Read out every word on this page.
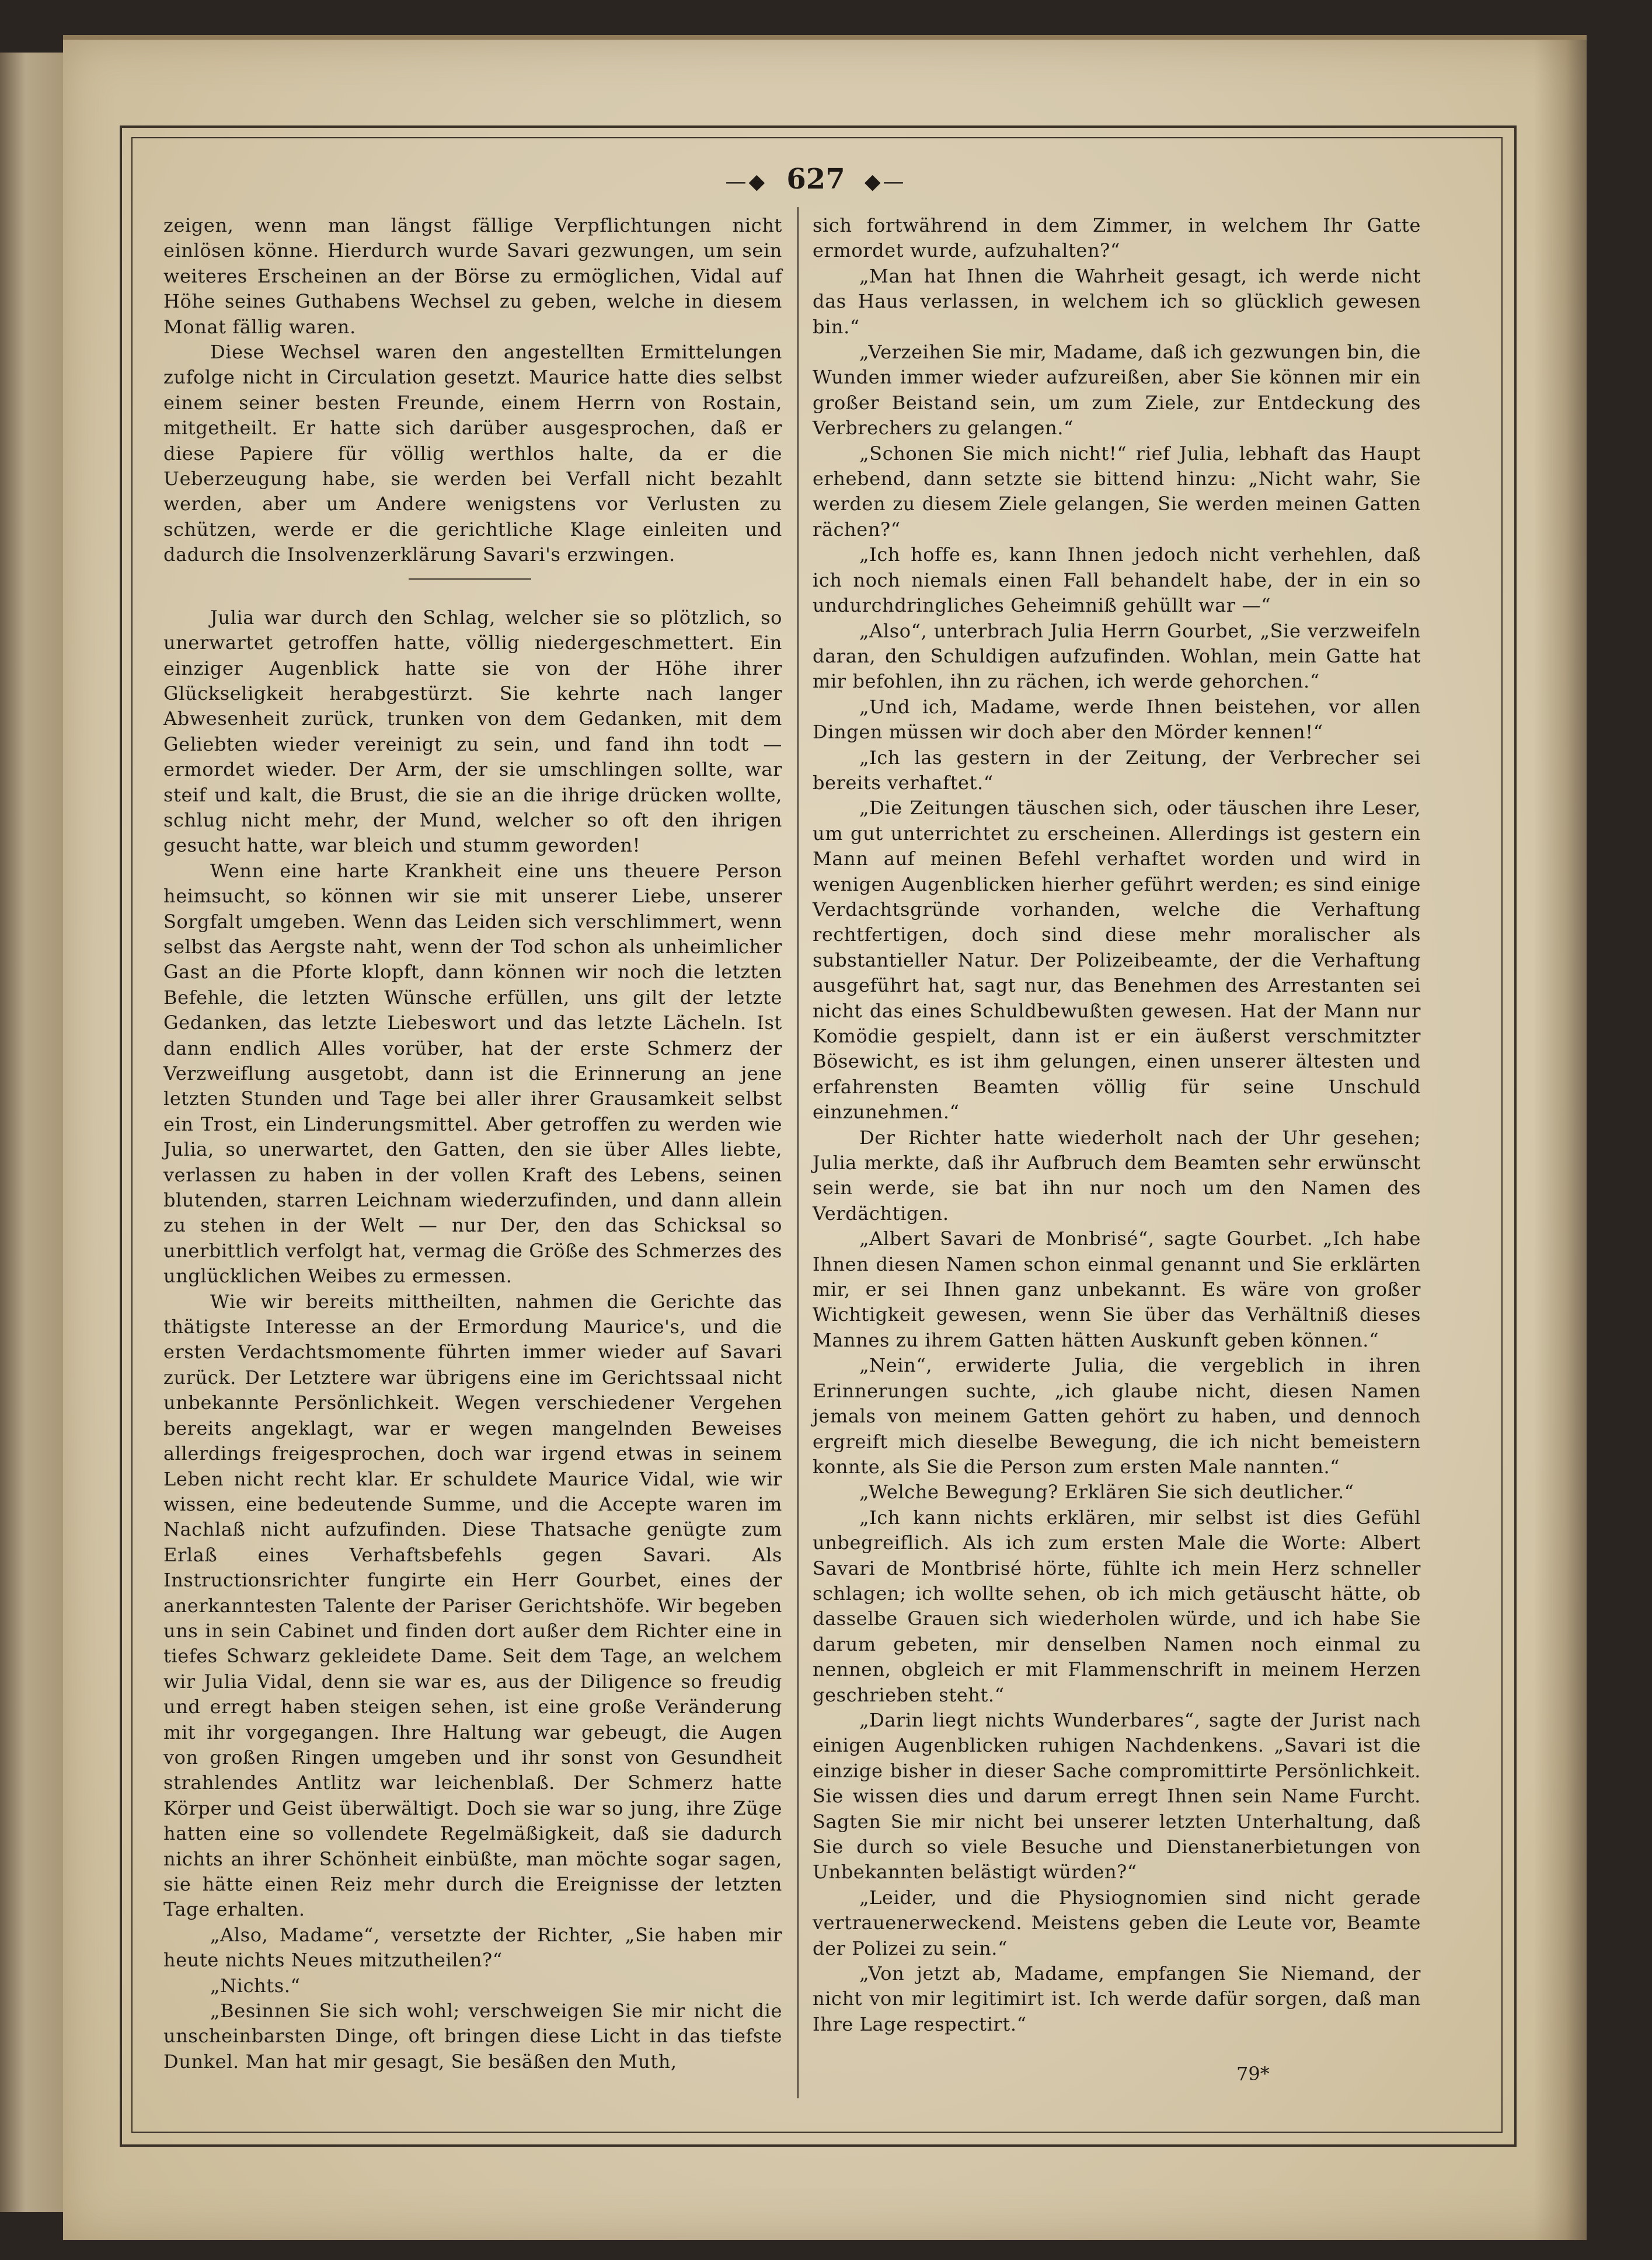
—◆ 627 ◆—

zeigen, wenn man längst fällige Verpflichtungen nicht einlösen könne. Hierdurch wurde Savari gezwungen, um sein weiteres Erscheinen an der Börse zu ermöglichen, Vidal auf Höhe seines Guthabens Wechsel zu geben, welche in diesem Monat fällig waren.

Diese Wechsel waren den angestellten Ermittelungen zufolge nicht in Circulation gesetzt. Maurice hatte dies selbst einem seiner besten Freunde, einem Herrn von Rostain, mitgetheilt. Er hatte sich darüber ausgesprochen, daß er diese Papiere für völlig werthlos halte, da er die Ueberzeugung habe, sie werden bei Verfall nicht bezahlt werden, aber um Andere wenigstens vor Verlusten zu schützen, werde er die gerichtliche Klage einleiten und dadurch die Insolvenzerklärung Savari's erzwingen.

Julia war durch den Schlag, welcher sie so plötzlich, so unerwartet getroffen hatte, völlig niedergeschmettert. Ein einziger Augenblick hatte sie von der Höhe ihrer Glückseligkeit herabgestürzt. Sie kehrte nach langer Abwesenheit zurück, trunken von dem Gedanken, mit dem Geliebten wieder vereinigt zu sein, und fand ihn todt — ermordet wieder. Der Arm, der sie umschlingen sollte, war steif und kalt, die Brust, die sie an die ihrige drücken wollte, schlug nicht mehr, der Mund, welcher so oft den ihrigen gesucht hatte, war bleich und stumm geworden!

Wenn eine harte Krankheit eine uns theuere Person heimsucht, so können wir sie mit unserer Liebe, unserer Sorgfalt umgeben. Wenn das Leiden sich verschlimmert, wenn selbst das Aergste naht, wenn der Tod schon als unheimlicher Gast an die Pforte klopft, dann können wir noch die letzten Befehle, die letzten Wünsche erfüllen, uns gilt der letzte Gedanken, das letzte Liebeswort und das letzte Lächeln. Ist dann endlich Alles vorüber, hat der erste Schmerz der Verzweiflung ausgetobt, dann ist die Erinnerung an jene letzten Stunden und Tage bei aller ihrer Grausamkeit selbst ein Trost, ein Linderungsmittel. Aber getroffen zu werden wie Julia, so unerwartet, den Gatten, den sie über Alles liebte, verlassen zu haben in der vollen Kraft des Lebens, seinen blutenden, starren Leichnam wiederzufinden, und dann allein zu stehen in der Welt — nur Der, den das Schicksal so unerbittlich verfolgt hat, vermag die Größe des Schmerzes des unglücklichen Weibes zu ermessen.

Wie wir bereits mittheilten, nahmen die Gerichte das thätigste Interesse an der Ermordung Maurice's, und die ersten Verdachtsmomente führten immer wieder auf Savari zurück. Der Letztere war übrigens eine im Gerichtssaal nicht unbekannte Persönlichkeit. Wegen verschiedener Vergehen bereits angeklagt, war er wegen mangelnden Beweises allerdings freigesprochen, doch war irgend etwas in seinem Leben nicht recht klar. Er schuldete Maurice Vidal, wie wir wissen, eine bedeutende Summe, und die Accepte waren im Nachlaß nicht aufzufinden. Diese Thatsache genügte zum Erlaß eines Verhaftsbefehls gegen Savari. Als Instructionsrichter fungirte ein Herr Gourbet, eines der anerkanntesten Talente der Pariser Gerichtshöfe. Wir begeben uns in sein Cabinet und finden dort außer dem Richter eine in tiefes Schwarz gekleidete Dame. Seit dem Tage, an welchem wir Julia Vidal, denn sie war es, aus der Diligence so freudig und erregt haben steigen sehen, ist eine große Veränderung mit ihr vorgegangen. Ihre Haltung war gebeugt, die Augen von großen Ringen umgeben und ihr sonst von Gesundheit strahlendes Antlitz war leichenblaß. Der Schmerz hatte Körper und Geist überwältigt. Doch sie war so jung, ihre Züge hatten eine so vollendete Regelmäßigkeit, daß sie dadurch nichts an ihrer Schönheit einbüßte, man möchte sogar sagen, sie hätte einen Reiz mehr durch die Ereignisse der letzten Tage erhalten.

„Also, Madame“, versetzte der Richter, „Sie haben mir heute nichts Neues mitzutheilen?“

„Nichts.“

„Besinnen Sie sich wohl; verschweigen Sie mir nicht die unscheinbarsten Dinge, oft bringen diese Licht in das tiefste Dunkel. Man hat mir gesagt, Sie besäßen den Muth,

sich fortwährend in dem Zimmer, in welchem Ihr Gatte ermordet wurde, aufzuhalten?“

„Man hat Ihnen die Wahrheit gesagt, ich werde nicht das Haus verlassen, in welchem ich so glücklich gewesen bin.“

„Verzeihen Sie mir, Madame, daß ich gezwungen bin, die Wunden immer wieder aufzureißen, aber Sie können mir ein großer Beistand sein, um zum Ziele, zur Entdeckung des Verbrechers zu gelangen.“

„Schonen Sie mich nicht!“ rief Julia, lebhaft das Haupt erhebend, dann setzte sie bittend hinzu: „Nicht wahr, Sie werden zu diesem Ziele gelangen, Sie werden meinen Gatten rächen?“

„Ich hoffe es, kann Ihnen jedoch nicht verhehlen, daß ich noch niemals einen Fall behandelt habe, der in ein so undurchdringliches Geheimniß gehüllt war —“

„Also“, unterbrach Julia Herrn Gourbet, „Sie verzweifeln daran, den Schuldigen aufzufinden. Wohlan, mein Gatte hat mir befohlen, ihn zu rächen, ich werde gehorchen.“

„Und ich, Madame, werde Ihnen beistehen, vor allen Dingen müssen wir doch aber den Mörder kennen!“

„Ich las gestern in der Zeitung, der Verbrecher sei bereits verhaftet.“

„Die Zeitungen täuschen sich, oder täuschen ihre Leser, um gut unterrichtet zu erscheinen. Allerdings ist gestern ein Mann auf meinen Befehl verhaftet worden und wird in wenigen Augenblicken hierher geführt werden; es sind einige Verdachtsgründe vorhanden, welche die Verhaftung rechtfertigen, doch sind diese mehr moralischer als substantieller Natur. Der Polizeibeamte, der die Verhaftung ausgeführt hat, sagt nur, das Benehmen des Arrestanten sei nicht das eines Schuldbewußten gewesen. Hat der Mann nur Komödie gespielt, dann ist er ein äußerst verschmitzter Bösewicht, es ist ihm gelungen, einen unserer ältesten und erfahrensten Beamten völlig für seine Unschuld einzunehmen.“

Der Richter hatte wiederholt nach der Uhr gesehen; Julia merkte, daß ihr Aufbruch dem Beamten sehr erwünscht sein werde, sie bat ihn nur noch um den Namen des Verdächtigen.

„Albert Savari de Monbrisé“, sagte Gourbet. „Ich habe Ihnen diesen Namen schon einmal genannt und Sie erklärten mir, er sei Ihnen ganz unbekannt. Es wäre von großer Wichtigkeit gewesen, wenn Sie über das Verhältniß dieses Mannes zu ihrem Gatten hätten Auskunft geben können.“

„Nein“, erwiderte Julia, die vergeblich in ihren Erinnerungen suchte, „ich glaube nicht, diesen Namen jemals von meinem Gatten gehört zu haben, und dennoch ergreift mich dieselbe Bewegung, die ich nicht bemeistern konnte, als Sie die Person zum ersten Male nannten.“

„Welche Bewegung? Erklären Sie sich deutlicher.“

„Ich kann nichts erklären, mir selbst ist dies Gefühl unbegreiflich. Als ich zum ersten Male die Worte: Albert Savari de Montbrisé hörte, fühlte ich mein Herz schneller schlagen; ich wollte sehen, ob ich mich getäuscht hätte, ob dasselbe Grauen sich wiederholen würde, und ich habe Sie darum gebeten, mir denselben Namen noch einmal zu nennen, obgleich er mit Flammenschrift in meinem Herzen geschrieben steht.“

„Darin liegt nichts Wunderbares“, sagte der Jurist nach einigen Augenblicken ruhigen Nachdenkens. „Savari ist die einzige bisher in dieser Sache compromittirte Persönlichkeit. Sie wissen dies und darum erregt Ihnen sein Name Furcht. Sagten Sie mir nicht bei unserer letzten Unterhaltung, daß Sie durch so viele Besuche und Dienstanerbietungen von Unbekannten belästigt würden?“

„Leider, und die Physiognomien sind nicht gerade vertrauenerweckend. Meistens geben die Leute vor, Beamte der Polizei zu sein.“

„Von jetzt ab, Madame, empfangen Sie Niemand, der nicht von mir legitimirt ist. Ich werde dafür sorgen, daß man Ihre Lage respectirt.“

79*
